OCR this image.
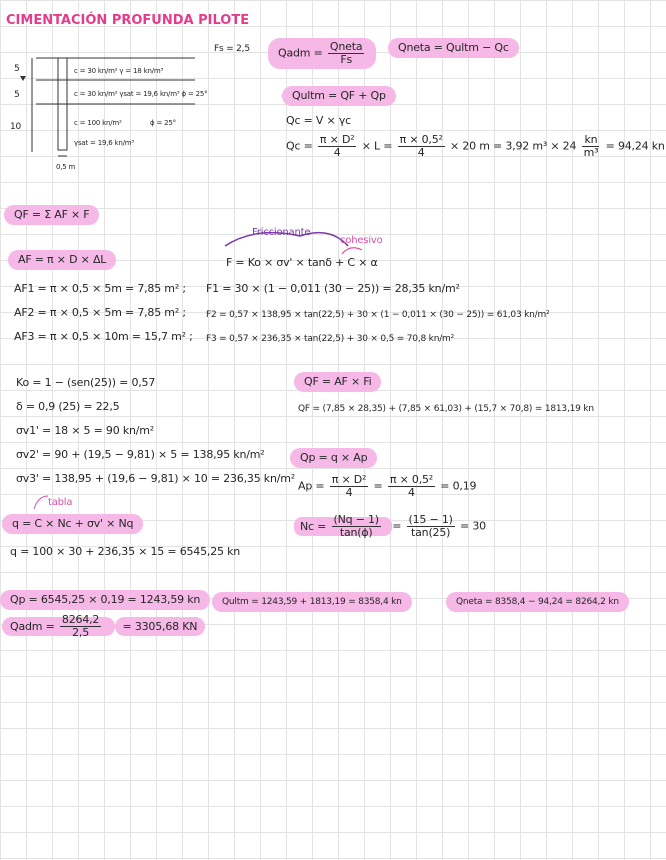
CIMENTACIÓN PROFUNDA PILOTE
Fs = 2,5
5
5
10
c = 30 kn/m² γ = 18 kn/m³
c = 30 kn/m² γsat = 19,6 kn/m³ ϕ = 25°
c = 100 kn/m²	ϕ = 25°
γsat = 19,6 kn/m³
0,5 m
Qadm = $\frac{\text{Qneta}}{Fs}$	Qneta = Qultm − Qc
Qultm = QF + Qp
Qc = V × γc
$Qc = \frac{\text{π × D²}}{4} \times L = \frac{\text{π × 0,5²}}{4} \times 20$ m = 3,92 $m^3 \times 24 \frac{kn}{\text{m³}} = 94,24$ kn
QF = Σ AF × F
Friccionante
cohesivo
AF = π × D × ΔL	F = Ko × σv' × tanδ + C × α
AF1 = π × 0,5 × 5m = 7,85 m² ; F1 = 30 × (1 − 0,011 (30 − 25)) = 28,35 kn/m²
AF2 = π × 0,5 × 5m = 7,85 m² ; F2 = 0,57 × 138,95 × tan(22,5) + 30 × (1 − 0,011 × (30 − 25)) = 61,03 kn/m²
AF3 = π × 0,5 × 10m = 15,7 m² ; F3 = 0,57 × 236,35 × tan(22,5) + 30 × 0,5 = 70,8 kn/m²
Ko = 1 − (sen(25)) = 0,57
δ = 0,9 (25) = 22,5
σv1' = 18 × 5 = 90 kn/m²
σv2' = 90 + (19,5 − 9,81) × 5 = 138,95 kn/m²
σv3' = 138,95 + (19,6 − 9,81) × 10 = 236,35 kn/m²
QF = AF × Fi
QF = (7,85 × 28,35) + (7,85 × 61,03) + (15,7 × 70,8) = 1813,19 kn
Qp = q × Ap
$Ap = \frac{\text{π × D²}}{4} = \frac{\text{π × 0,5²}}{4} = 0,19$
tabla
q = C × Nc + σv' × Nq
q = 100 × 30 + 236,35 × 15 = 6545,25 kn
$Nc = \frac{(Nq - 1)}{\tan(\phi)} = \frac{(15 - 1)}{\tan(25)} = 30$
Qp = 6545,25 × 0,19 = 1243,59 kn	Qultm = 1243,59 + 1813,19 = 8358,4 kn	Qneta = 8358,4 − 94,24 = 8264,2 kn
Qadm = $\frac{8264,2}{2,5} = 3305,68$ KN
